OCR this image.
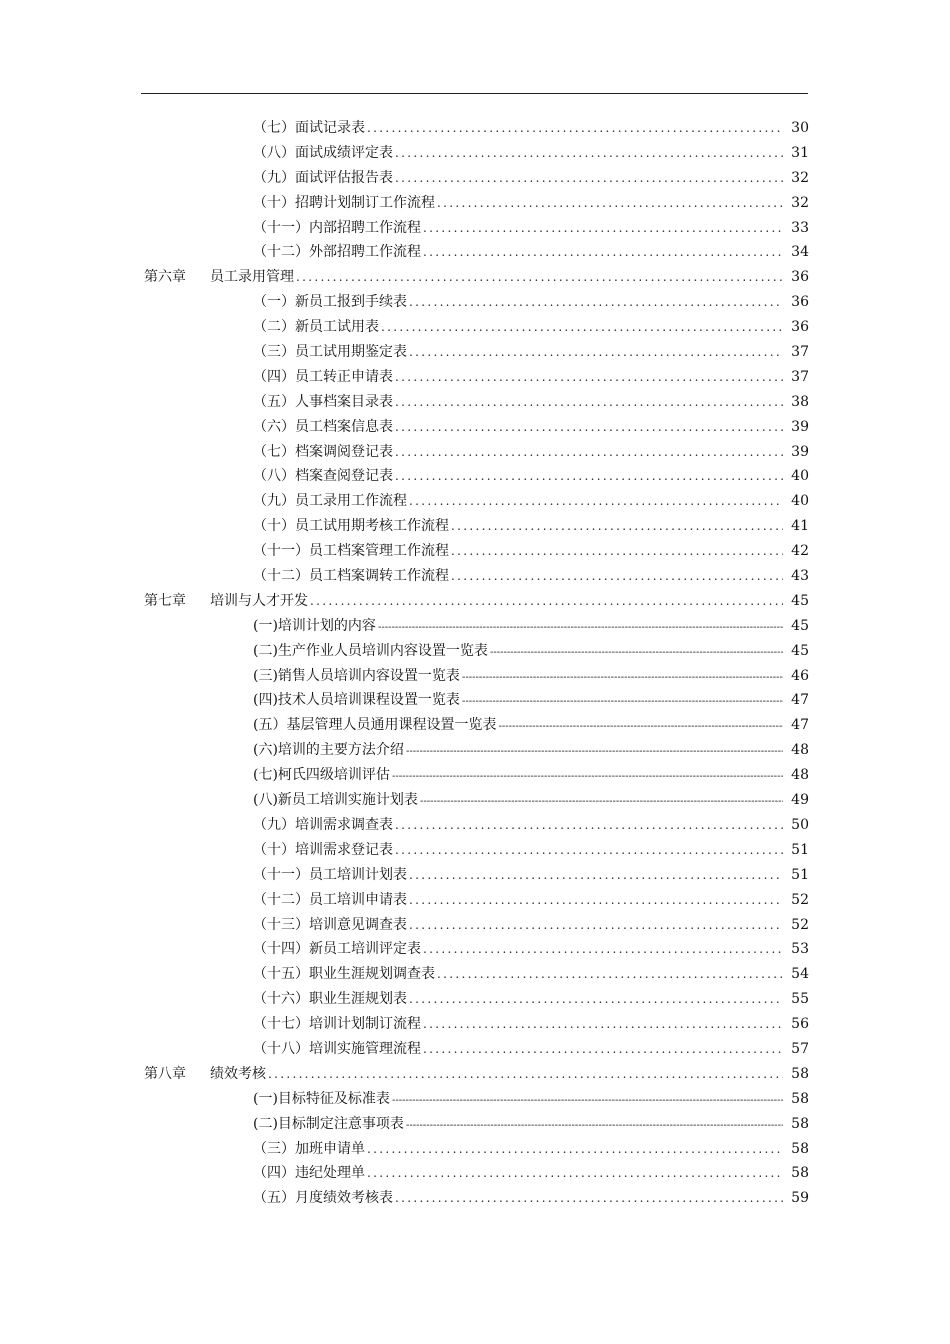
（七）面试记录表 .....	30
（八）面试成绩评定表 .....	31
（九）面试评估报告表 .....	32
（十）招聘计划制订工作流程 .....	32
（十一）内部招聘工作流程 .....	33
（十二）外部招聘工作流程 .....	34
第六章 员工录用管理 .....	36
（一）新员工报到手续表 .....	36
（二）新员工试用表 .....	36
（三）员工试用期鉴定表 .....	37
（四）员工转正申请表 .....	37
（五）人事档案目录表 .....	38
（六）员工档案信息表 .....	39
（七）档案调阅登记表 .....	39
（八）档案查阅登记表 .....	40
（九）员工录用工作流程 .....	40
（十）员工试用期考核工作流程 .....	41
（十一）员工档案管理工作流程 .....	42
（十二）员工档案调转工作流程 .....	43
第七章 培训与人才开发 .....	45
(一)培训计划的内容 -----	45
(二)生产作业人员培训内容设置一览表 -----	45
(三)销售人员培训内容设置一览表 -----	46
(四)技术人员培训课程设置一览表 -----	47
(五）基层管理人员通用课程设置一览表 -----	47
(六)培训的主要方法介绍 -----	48
(七)柯氏四级培训评估 -----	48
(八)新员工培训实施计划表 -----	49
（九）培训需求调查表 .....	50
（十）培训需求登记表 .....	51
（十一）员工培训计划表 .....	51
（十二）员工培训申请表 .....	52
（十三）培训意见调查表 .....	52
（十四）新员工培训评定表 .....	53
（十五）职业生涯规划调查表 .....	54
（十六）职业生涯规划表 .....	55
（十七）培训计划制订流程 .....	56
（十八）培训实施管理流程 .....	57
第八章 绩效考核 .....	58
(一)目标特征及标准表 -----	58
(二)目标制定注意事项表 -----	58
（三）加班申请单 .....	58
（四）违纪处理单 .....	58
（五）月度绩效考核表 .....	59
